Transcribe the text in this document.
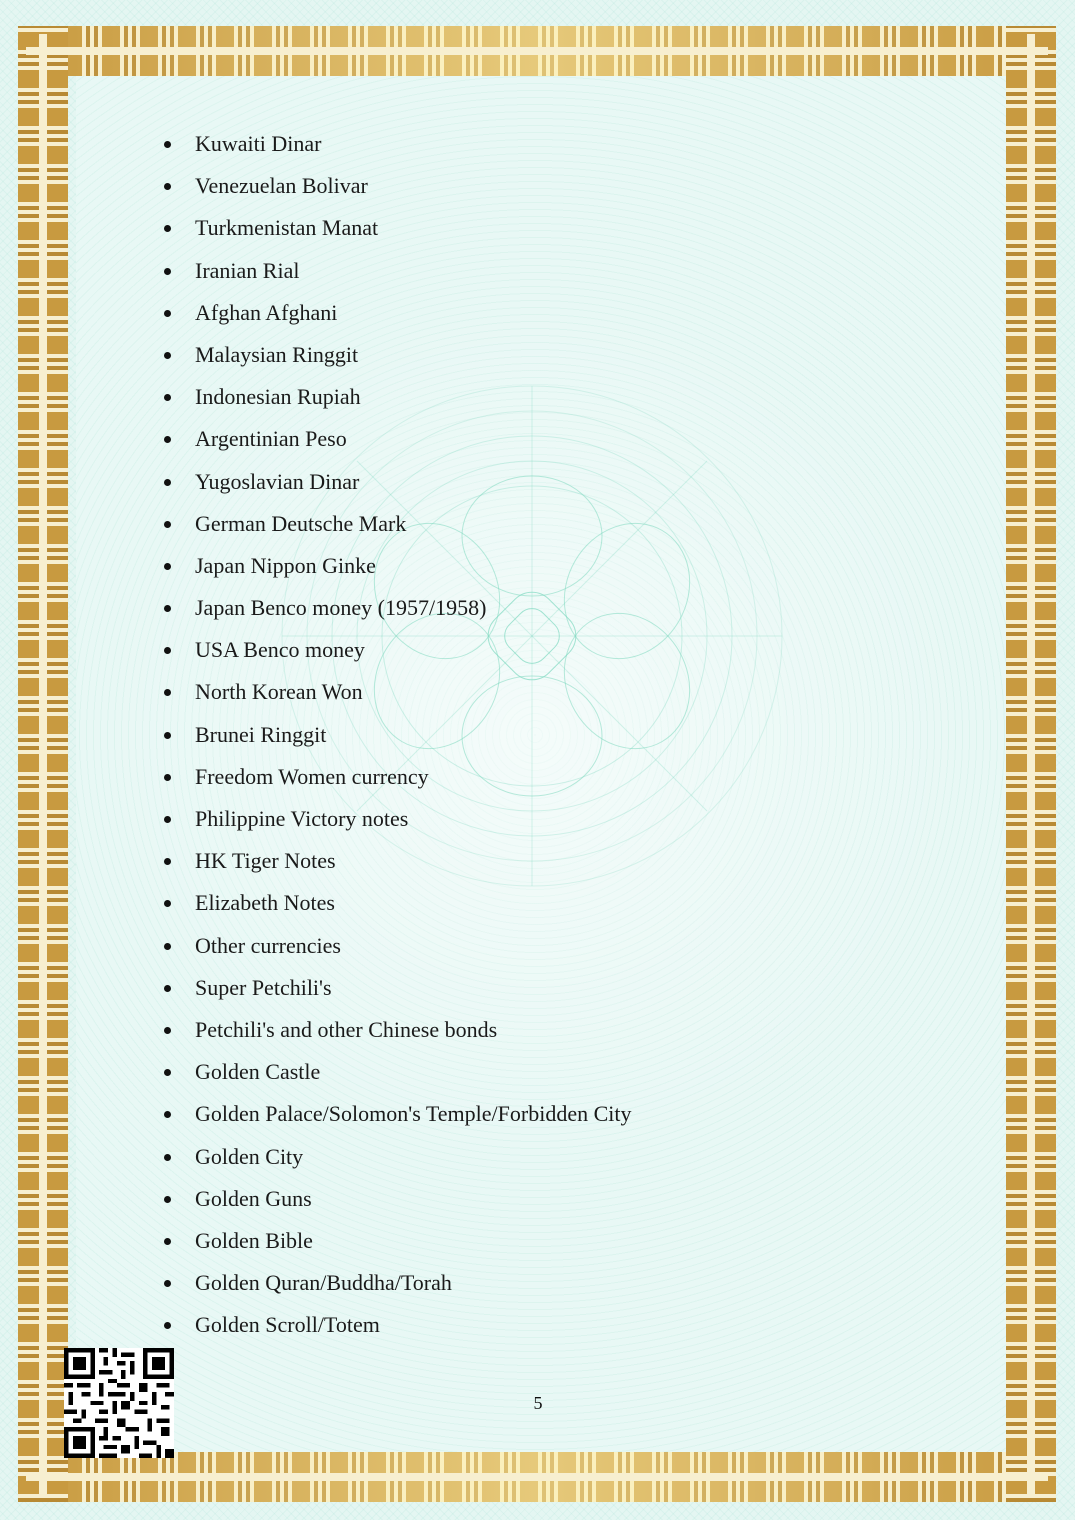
Kuwaiti Dinar
Venezuelan Bolivar
Turkmenistan Manat
Iranian Rial
Afghan Afghani
Malaysian Ringgit
Indonesian Rupiah
Argentinian Peso
Yugoslavian Dinar
German Deutsche Mark
Japan Nippon Ginke
Japan Benco money (1957/1958)
USA Benco money
North Korean Won
Brunei Ringgit
Freedom Women currency
Philippine Victory notes
HK Tiger Notes
Elizabeth Notes
Other currencies
Super Petchili's
Petchili's and other Chinese bonds
Golden Castle
Golden Palace/Solomon's Temple/Forbidden City
Golden City
Golden Guns
Golden Bible
Golden Quran/Buddha/Torah
Golden Scroll/Totem
5
